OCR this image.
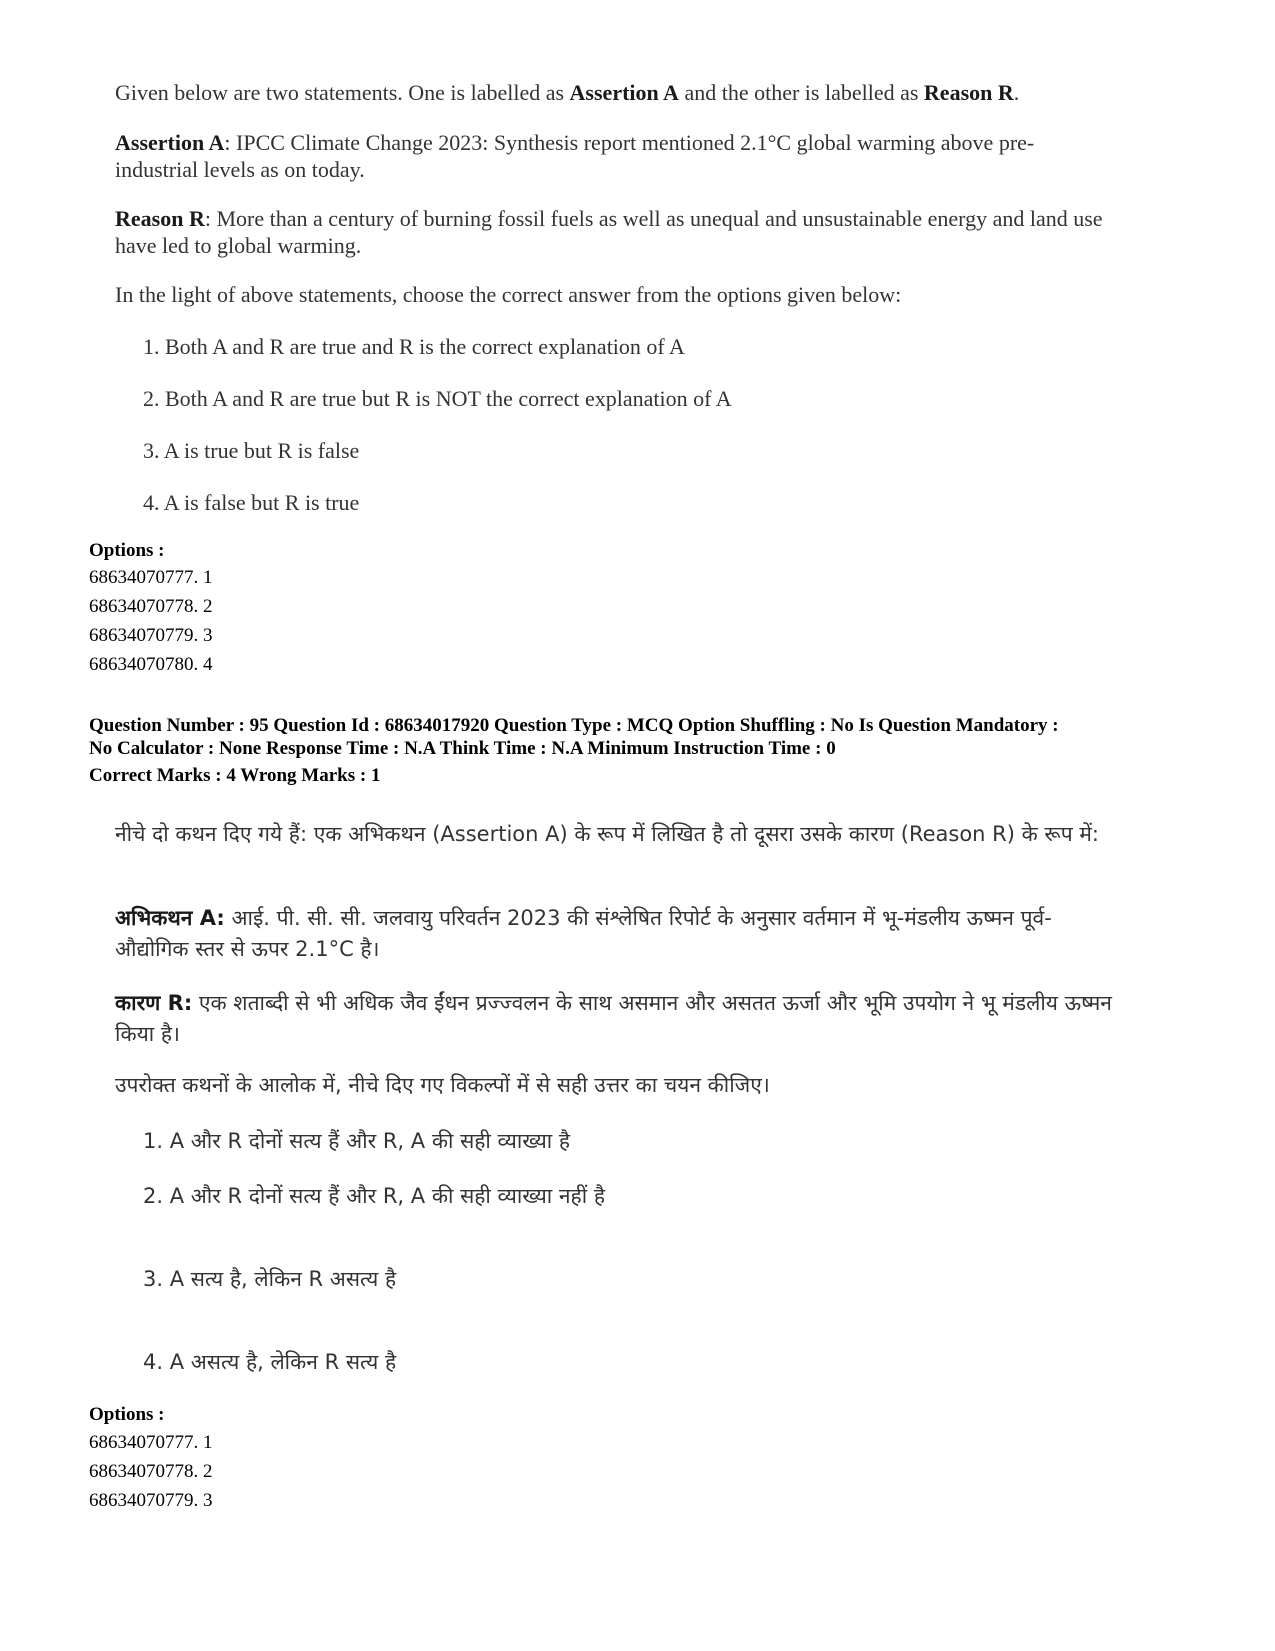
Given below are two statements. One is labelled as Assertion A and the other is labelled as Reason R.
Assertion A: IPCC Climate Change 2023: Synthesis report mentioned 2.1°C global warming above pre-industrial levels as on today.
Reason R: More than a century of burning fossil fuels as well as unequal and unsustainable energy and land use have led to global warming.
In the light of above statements, choose the correct answer from the options given below:
1. Both A and R are true and R is the correct explanation of A
2. Both A and R are true but R is NOT the correct explanation of A
3. A is true but R is false
4. A is false but R is true
Options :
68634070777. 1
68634070778. 2
68634070779. 3
68634070780. 4
Question Number : 95 Question Id : 68634017920 Question Type : MCQ Option Shuffling : No Is Question Mandatory :
No Calculator : None Response Time : N.A Think Time : N.A Minimum Instruction Time : 0
Correct Marks : 4 Wrong Marks : 1
नीचे दो कथन दिए गये हैं: एक अभिकथन (Assertion A) के रूप में लिखित है तो दूसरा उसके कारण (Reason R) के रूप में:
अभिकथन A: आई. पी. सी. सी. जलवायु परिवर्तन 2023 की संश्लेषित रिपोर्ट के अनुसार वर्तमान में भू-मंडलीय ऊष्मन पूर्व-औद्योगिक स्तर से ऊपर 2.1°C है।
कारण R: एक शताब्दी से भी अधिक जैव ईंधन प्रज्ज्वलन के साथ असमान और असतत ऊर्जा और भूमि उपयोग ने भू मंडलीय ऊष्मन किया है।
उपरोक्त कथनों के आलोक में, नीचे दिए गए विकल्पों में से सही उत्तर का चयन कीजिए।
1. A और R दोनों सत्य हैं और R, A की सही व्याख्या है
2. A और R दोनों सत्य हैं और R, A की सही व्याख्या नहीं है
3. A सत्य है, लेकिन R असत्य है
4. A असत्य है, लेकिन R सत्य है
Options :
68634070777. 1
68634070778. 2
68634070779. 3
